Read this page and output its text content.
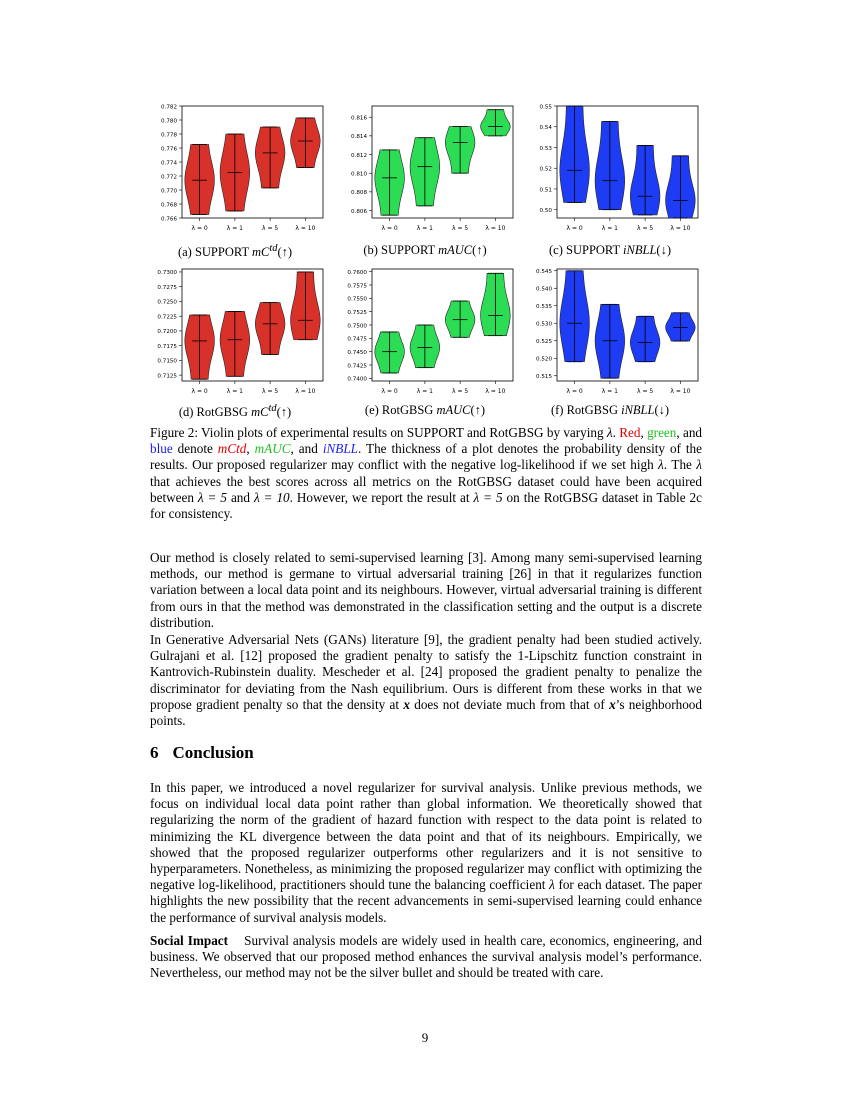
0.782
0.780
0.778
0.776
0.774
0.772
0.770
0.768
0.766
λ = 0	λ = 1	λ = 5	λ = 10
0.816
0.814
0.812
0.810
0.808
0.806
λ = 0	λ = 1	λ = 5	λ = 10
0.55
0.54
0.53
0.52
0.51
0.50
λ = 0	λ = 1	λ = 5	λ = 10
0.7300
0.7275
0.7250
0.7225
0.7200
0.7175
0.7150
0.7125
λ = 0	λ = 1	λ = 5	λ = 10
0.7600
0.7575
0.7550
0.7525
0.7500
0.7475
0.7450
0.7425
0.7400
λ = 0	λ = 1	λ = 5	λ = 10
0.545
0.540
0.535
0.530
0.525
0.520
0.515
λ = 0	λ = 1	λ = 5	λ = 10
(a) SUPPORT $mC^{td}(↑)$	(b) SUPPORT mAUC(↑)	(c) SUPPORT iNBLL(↓)
(d) RotGBSG $mC^{td}(↑)$	(e) RotGBSG mAUC(↑)	(f) RotGBSG iNBLL(↓)
Figure 2: Violin plots of experimental results on SUPPORT and RotGBSG by varying λ. Red, green, and blue denote mCtd, mAUC, and iNBLL. The thickness of a plot denotes the probability density of the results. Our proposed regularizer may conflict with the negative log-likelihood if we set high λ. The λ that achieves the best scores across all metrics on the RotGBSG dataset could have been acquired between λ = 5 and λ = 10. However, we report the result at λ = 5 on the RotGBSG dataset in Table 2c for consistency.

Our method is closely related to semi-supervised learning [3]. Among many semi-supervised learning methods, our method is germane to virtual adversarial training [26] in that it regularizes function variation between a local data point and its neighbours. However, virtual adversarial training is different from ours in that the method was demonstrated in the classification setting and the output is a discrete distribution.

In Generative Adversarial Nets (GANs) literature [9], the gradient penalty had been studied actively. Gulrajani et al. [12] proposed the gradient penalty to satisfy the 1-Lipschitz function constraint in Kantrovich-Rubinstein duality. Mescheder et al. [24] proposed the gradient penalty to penalize the discriminator for deviating from the Nash equilibrium. Ours is different from these works in that we propose gradient penalty so that the density at x does not deviate much from that of x’s neighborhood points.

6 Conclusion

In this paper, we introduced a novel regularizer for survival analysis. Unlike previous methods, we focus on individual local data point rather than global information. We theoretically showed that regularizing the norm of the gradient of hazard function with respect to the data point is related to minimizing the KL divergence between the data point and that of its neighbours. Empirically, we showed that the proposed regularizer outperforms other regularizers and it is not sensitive to hyperparameters. Nonetheless, as minimizing the proposed regularizer may conflict with optimizing the negative log-likelihood, practitioners should tune the balancing coefficient λ for each dataset. The paper highlights the new possibility that the recent advancements in semi-supervised learning could enhance the performance of survival analysis models.

Social Impact Survival analysis models are widely used in health care, economics, engineering, and business. We observed that our proposed method enhances the survival analysis model’s performance. Nevertheless, our method may not be the silver bullet and should be treated with care.

9
